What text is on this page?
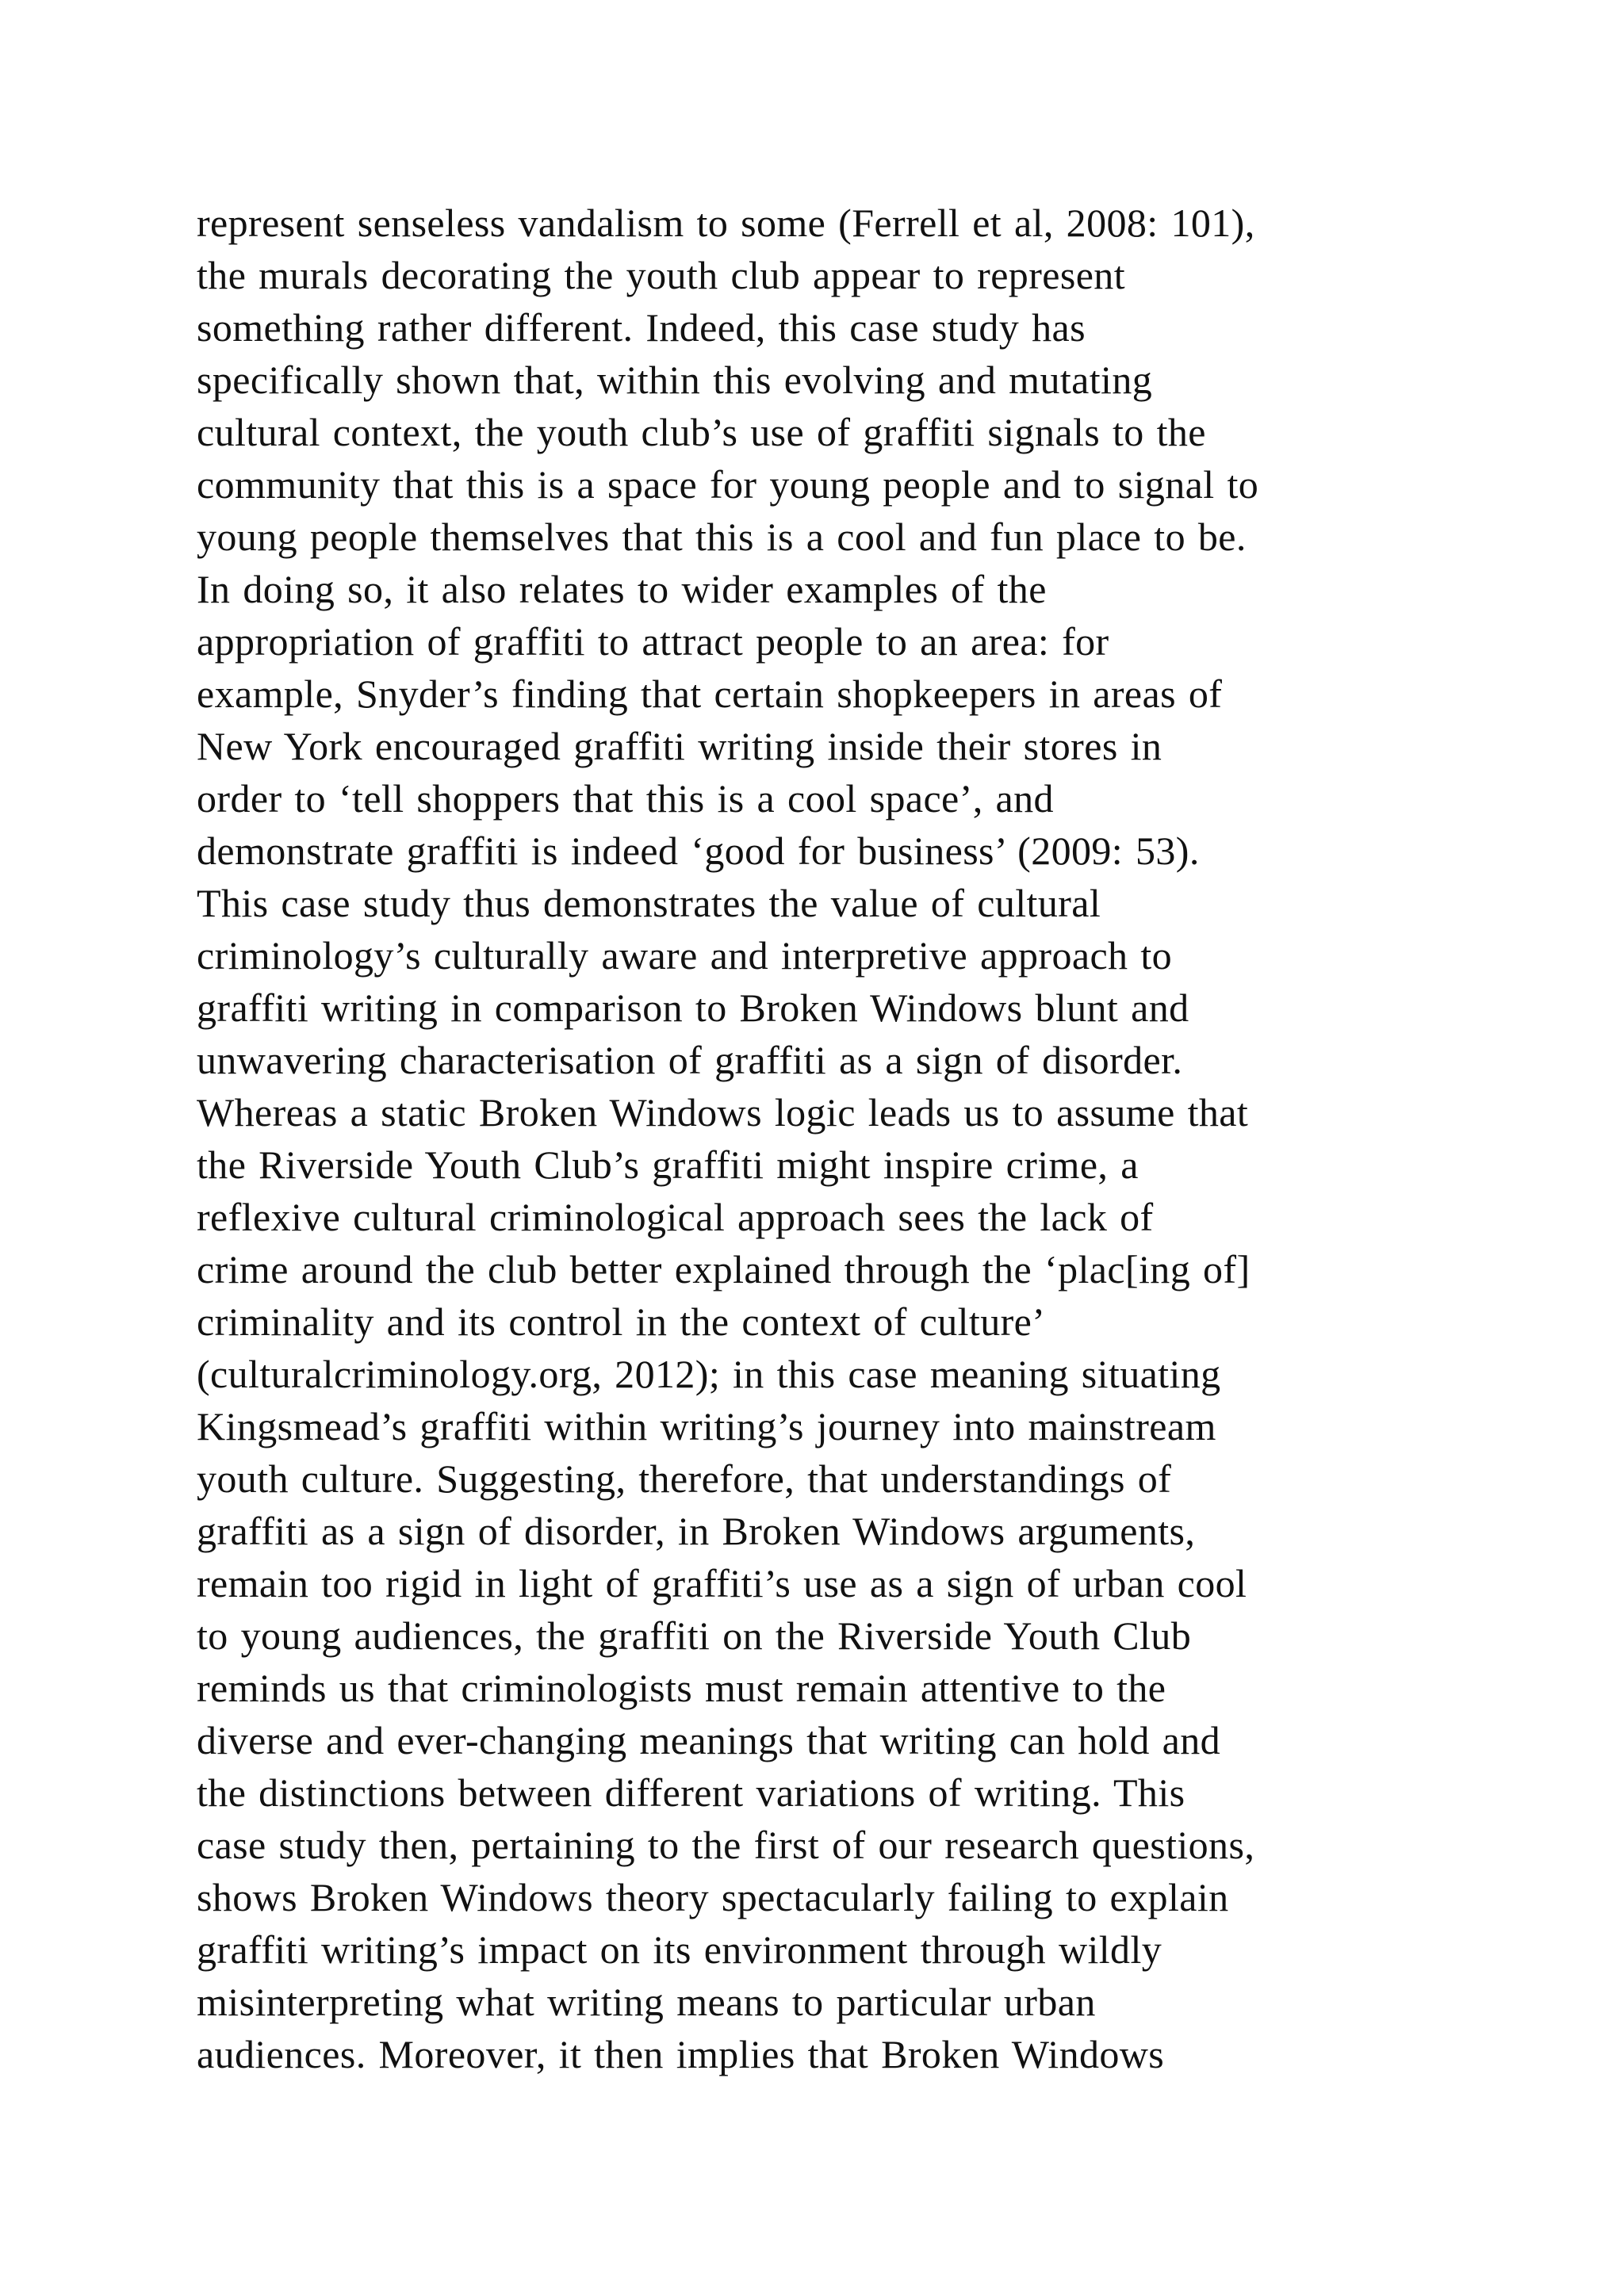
represent senseless vandalism to some (Ferrell et al, 2008: 101),
the murals decorating the youth club appear to represent
something rather different. Indeed, this case study has
specifically shown that, within this evolving and mutating
cultural context, the youth club’s use of graffiti signals to the
community that this is a space for young people and to signal to
young people themselves that this is a cool and fun place to be.
In doing so, it also relates to wider examples of the
appropriation of graffiti to attract people to an area: for
example, Snyder’s finding that certain shopkeepers in areas of
New York encouraged graffiti writing inside their stores in
order to ‘tell shoppers that this is a cool space’, and
demonstrate graffiti is indeed ‘good for business’ (2009: 53).
This case study thus demonstrates the value of cultural
criminology’s culturally aware and interpretive approach to
graffiti writing in comparison to Broken Windows blunt and
unwavering characterisation of graffiti as a sign of disorder.
Whereas a static Broken Windows logic leads us to assume that
the Riverside Youth Club’s graffiti might inspire crime, a
reflexive cultural criminological approach sees the lack of
crime around the club better explained through the ‘plac[ing of]
criminality and its control in the context of culture’
(culturalcriminology.org, 2012); in this case meaning situating
Kingsmead’s graffiti within writing’s journey into mainstream
youth culture. Suggesting, therefore, that understandings of
graffiti as a sign of disorder, in Broken Windows arguments,
remain too rigid in light of graffiti’s use as a sign of urban cool
to young audiences, the graffiti on the Riverside Youth Club
reminds us that criminologists must remain attentive to the
diverse and ever-changing meanings that writing can hold and
the distinctions between different variations of writing. This
case study then, pertaining to the first of our research questions,
shows Broken Windows theory spectacularly failing to explain
graffiti writing’s impact on its environment through wildly
misinterpreting what writing means to particular urban
audiences. Moreover, it then implies that Broken Windows
